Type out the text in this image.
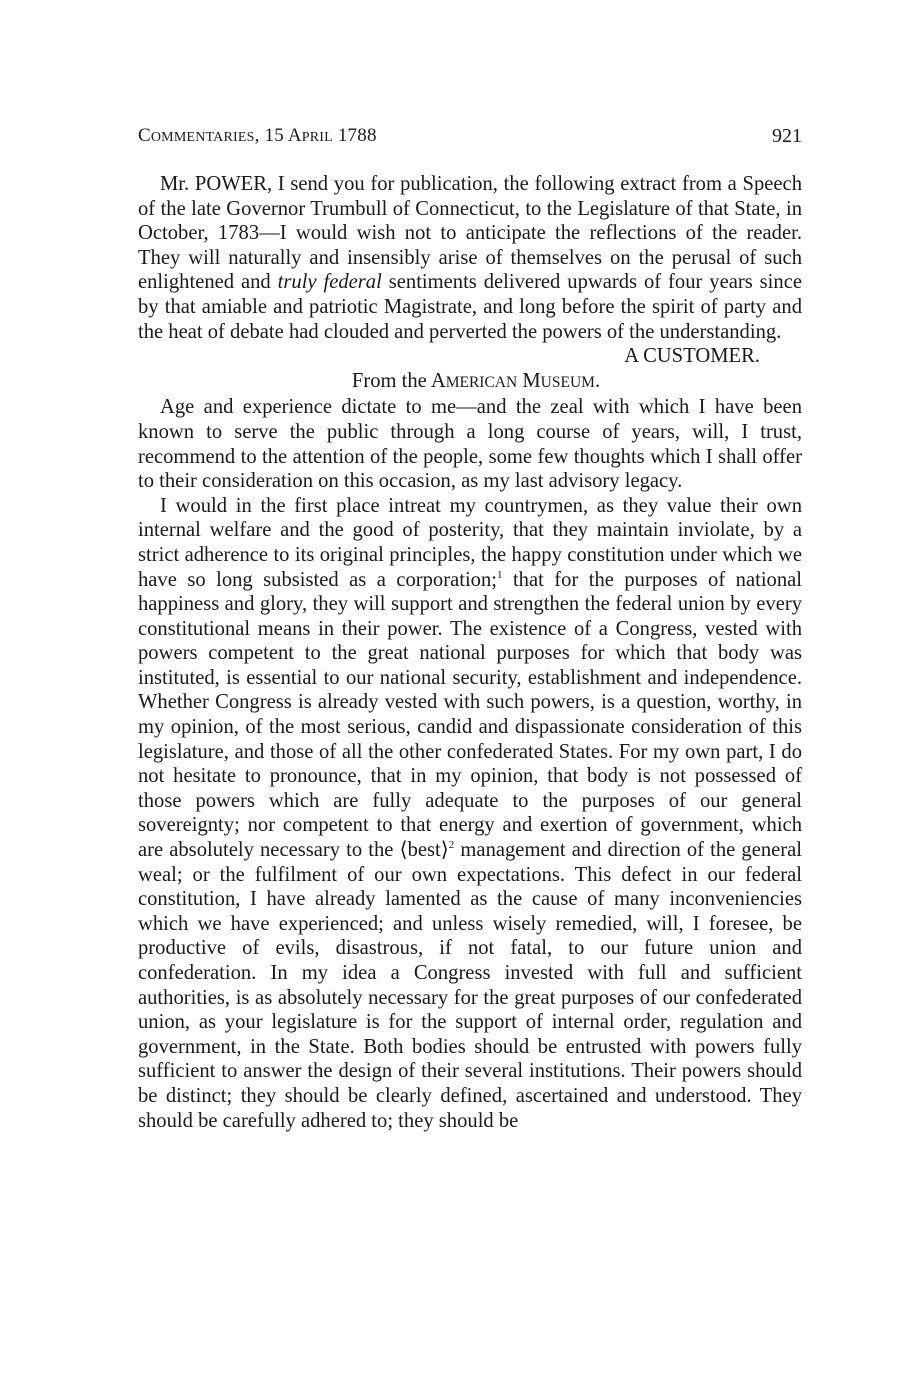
COMMENTARIES, 15 APRIL 1788	921

Mr. POWER, I send you for publication, the following extract from a Speech of the late Governor Trumbull of Connecticut, to the Legislature of that State, in October, 1783—I would wish not to anticipate the reflections of the reader. They will naturally and insensibly arise of themselves on the perusal of such enlightened and truly federal sentiments delivered upwards of four years since by that amiable and patriotic Magistrate, and long before the spirit of party and the heat of debate had clouded and perverted the powers of the understanding.

A CUSTOMER.

From the AMERICAN MUSEUM.

Age and experience dictate to me—and the zeal with which I have been known to serve the public through a long course of years, will, I trust, recommend to the attention of the people, some few thoughts which I shall offer to their consideration on this occasion, as my last advisory legacy.

I would in the first place intreat my countrymen, as they value their own internal welfare and the good of posterity, that they maintain inviolate, by a strict adherence to its original principles, the happy constitution under which we have so long subsisted as a corporation;$^1$ that for the purposes of national happiness and glory, they will support and strengthen the federal union by every constitutional means in their power. The existence of a Congress, vested with powers competent to the great national purposes for which that body was instituted, is essential to our national security, establishment and independence. Whether Congress is already vested with such powers, is a question, worthy, in my opinion, of the most serious, candid and dispassionate consideration of this legislature, and those of all the other confederated States. For my own part, I do not hesitate to pronounce, that in my opinion, that body is not possessed of those powers which are fully adequate to the purposes of our general sovereignty; nor competent to that energy and exertion of government, which are absolutely necessary to the ⟨best⟩$^2$ management and direction of the general weal; or the fulfilment of our own expectations. This defect in our federal constitution, I have already lamented as the cause of many inconveniencies which we have experienced; and unless wisely remedied, will, I foresee, be productive of evils, disastrous, if not fatal, to our future union and confederation. In my idea a Congress invested with full and sufficient authorities, is as absolutely necessary for the great purposes of our confederated union, as your legislature is for the support of internal order, regulation and government, in the State. Both bodies should be entrusted with powers fully sufficient to answer the design of their several institutions. Their powers should be distinct; they should be clearly defined, ascertained and understood. They should be carefully adhered to; they should be
